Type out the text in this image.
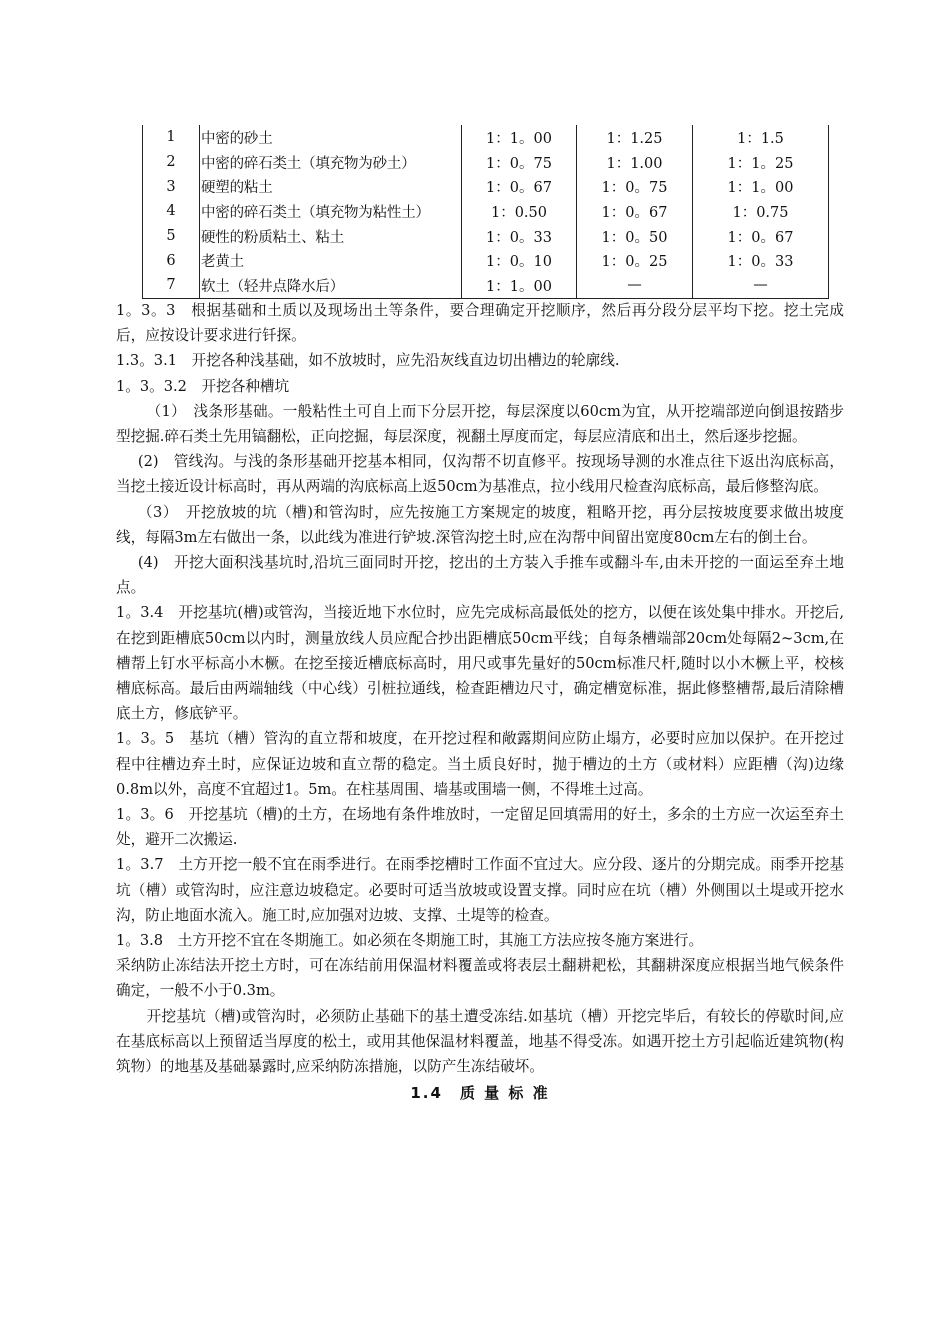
1	中密的砂土	1：1。00	1：1.25	1：1.5
2	中密的碎石类土（填充物为砂土）	1：0。75	1：1.00	1：1。25
3	硬塑的粘土	1：0。67	1：0。75	1：1。00
4	中密的碎石类土（填充物为粘性土）	1：0.50	1：0。67	1：0.75
5	硬性的粉质粘土、粘土	1：0。33	1：0。50	1：0。67
6	老黄土	1：0。10	1：0。25	1：0。33
7	软土（轻井点降水后）	1：1。00	—	—

1。3。3　根据基础和土质以及现场出土等条件，要合理确定开挖顺序，然后再分段分层平均下挖。挖土完成后，应按设计要求进行钎探。

1.3。3.1　开挖各种浅基础，如不放坡时，应先沿灰线直边切出槽边的轮廓线.

1。3。3.2　开挖各种槽坑

（1）　浅条形基础。一般粘性土可自上而下分层开挖，每层深度以60cm为宜，从开挖端部逆向倒退按踏步型挖掘.碎石类土先用镐翻松，正向挖掘，每层深度，视翻土厚度而定，每层应清底和出土，然后逐步挖掘。

(2)　管线沟。与浅的条形基础开挖基本相同，仅沟帮不切直修平。按现场导测的水准点往下返出沟底标高，当挖土接近设计标高时，再从两端的沟底标高上返50cm为基准点，拉小线用尺检查沟底标高，最后修整沟底。

（3）　开挖放坡的坑（槽)和管沟时，应先按施工方案规定的坡度，粗略开挖，再分层按坡度要求做出坡度线，每隔3m左右做出一条，以此线为准进行铲坡.深管沟挖土时,应在沟帮中间留出宽度80cm左右的倒土台。

(4)　开挖大面积浅基坑时,沿坑三面同时开挖，挖出的土方装入手推车或翻斗车,由未开挖的一面运至弃土地点。

1。3.4　开挖基坑(槽)或管沟，当接近地下水位时，应先完成标高最低处的挖方，以便在该处集中排水。开挖后,在挖到距槽底50cm以内时，测量放线人员应配合抄出距槽底50cm平线；自每条槽端部20cm处每隔2~3cm,在槽帮上钉水平标高小木橛。在挖至接近槽底标高时，用尺或事先量好的50cm标准尺杆,随时以小木橛上平，校核槽底标高。最后由两端轴线（中心线）引桩拉通线，检查距槽边尺寸，确定槽宽标准，据此修整槽帮,最后清除槽底土方，修底铲平。

1。3。5　基坑（槽）管沟的直立帮和坡度，在开挖过程和敞露期间应防止塌方，必要时应加以保护。在开挖过程中往槽边弃土时，应保证边坡和直立帮的稳定。当土质良好时，抛于槽边的土方（或材料）应距槽（沟)边缘0.8m以外，高度不宜超过1。5m。在柱基周围、墙基或围墙一侧，不得堆土过高。

1。3。6　开挖基坑（槽)的土方，在场地有条件堆放时，一定留足回填需用的好土，多余的土方应一次运至弃土处，避开二次搬运.

1。3.7　土方开挖一般不宜在雨季进行。在雨季挖槽时工作面不宜过大。应分段、逐片的分期完成。雨季开挖基坑（槽）或管沟时，应注意边坡稳定。必要时可适当放坡或设置支撑。同时应在坑（槽）外侧围以土堤或开挖水沟，防止地面水流入。施工时,应加强对边坡、支撑、土堤等的检查。

1。3.8　土方开挖不宜在冬期施工。如必须在冬期施工时，其施工方法应按冬施方案进行。

采纳防止冻结法开挖土方时，可在冻结前用保温材料覆盖或将表层土翻耕耙松，其翻耕深度应根据当地气候条件确定，一般不小于0.3m。

开挖基坑（槽)或管沟时，必须防止基础下的基土遭受冻结.如基坑（槽）开挖完毕后，有较长的停歇时间,应在基底标高以上预留适当厚度的松土，或用其他保温材料覆盖，地基不得受冻。如遇开挖土方引起临近建筑物(构筑物）的地基及基础暴露时,应采纳防冻措施，以防产生冻结破坏。

1.4　质 量 标 准
